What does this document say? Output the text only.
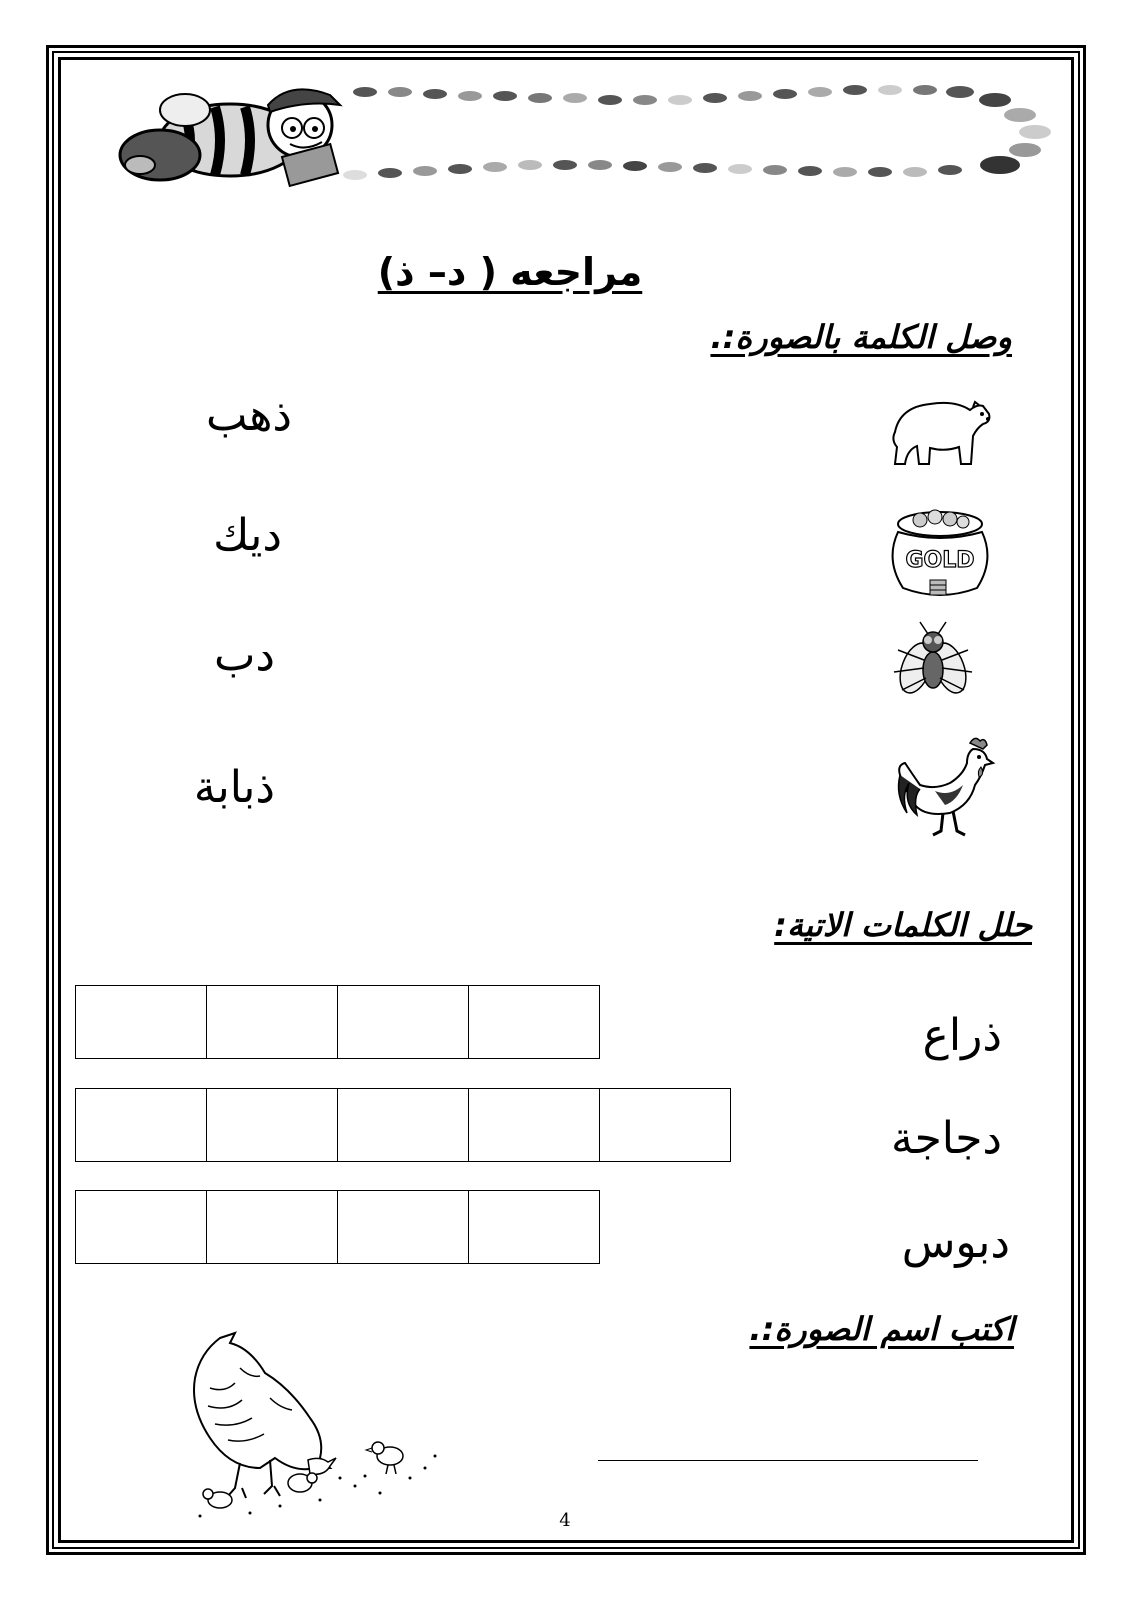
مراجعه ( د– ذ)
وصل الكلمة بالصورة:.
ذهب
ديك
دب
ذبابة
GOLD
حلل الكلمات الاتية:
ذراع
دجاجة
دبوس
اكتب اسم الصورة:.
4
